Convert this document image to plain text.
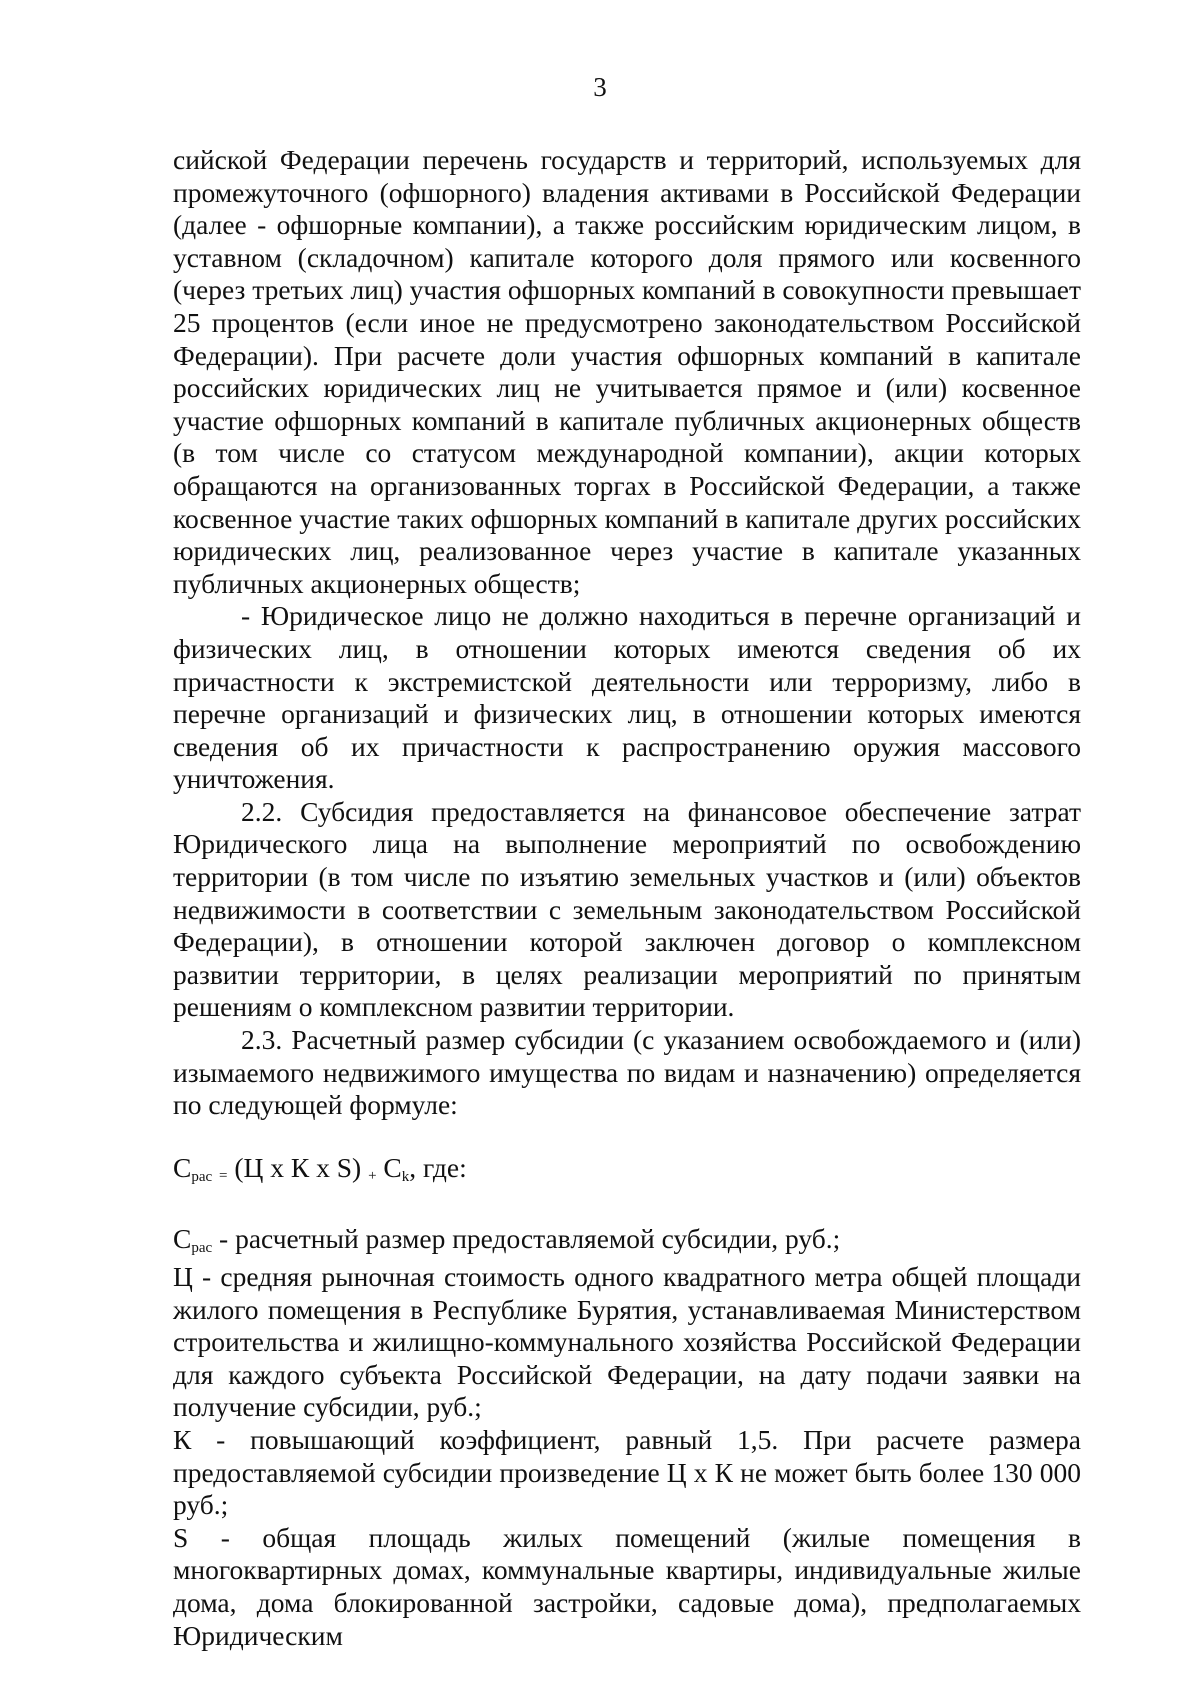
3

сийской Федерации перечень государств и территорий, используемых для промежуточного (офшорного) владения активами в Российской Федерации (далее - офшорные компании), а также российским юридическим лицом, в уставном (складочном) капитале которого доля прямого или косвенного (через третьих лиц) участия офшорных компаний в совокупности превышает 25 процентов (если иное не предусмотрено законодательством Российской Федерации). При расчете доли участия офшорных компаний в капитале российских юридических лиц не учитывается прямое и (или) косвенное участие офшорных компаний в капитале публичных акционерных обществ (в том числе со статусом международной компании), акции которых обращаются на организованных торгах в Российской Федерации, а также косвенное участие таких офшорных компаний в капитале других российских юридических лиц, реализованное через участие в капитале указанных публичных акционерных обществ;

- Юридическое лицо не должно находиться в перечне организаций и физических лиц, в отношении которых имеются сведения об их причастности к экстремистской деятельности или терроризму, либо в перечне организаций и физических лиц, в отношении которых имеются сведения об их причастности к распространению оружия массового уничтожения.

2.2. Субсидия предоставляется на финансовое обеспечение затрат Юридического лица на выполнение мероприятий по освобождению территории (в том числе по изъятию земельных участков и (или) объектов недвижимости в соответствии с земельным законодательством Российской Федерации), в отношении которой заключен договор о комплексном развитии территории, в целях реализации мероприятий по принятым решениям о комплексном развитии территории.

2.3. Расчетный размер субсидии (с указанием освобождаемого и (или) изымаемого недвижимого имущества по видам и назначению) определяется по следующей формуле:

Срас = (Ц х К х S) + Сk, где:

Срас - расчетный размер предоставляемой субсидии, руб.;

Ц - средняя рыночная стоимость одного квадратного метра общей площади жилого помещения в Республике Бурятия, устанавливаемая Министерством строительства и жилищно-коммунального хозяйства Российской Федерации для каждого субъекта Российской Федерации, на дату подачи заявки на получение субсидии, руб.;

К - повышающий коэффициент, равный 1,5. При расчете размера предоставляемой субсидии произведение Ц х К не может быть более 130 000 руб.;

S - общая площадь жилых помещений (жилые помещения в многоквартирных домах, коммунальные квартиры, индивидуальные жилые дома, дома блокированной застройки, садовые дома), предполагаемых Юридическим
